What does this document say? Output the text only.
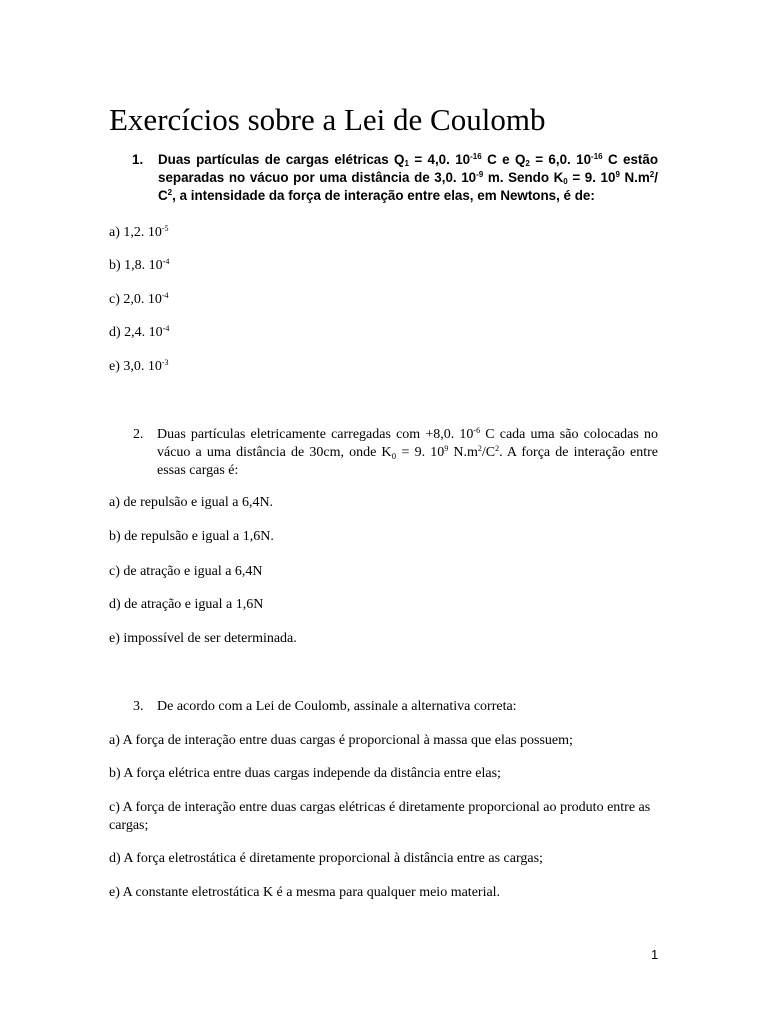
Exercícios sobre a Lei de Coulomb
1. Duas partículas de cargas elétricas $Q_1 = 4,0$. $10^{-16}$ C e $Q_2 = 6,0$. $10^{-16}$ C estão separadas no vácuo por uma distância de 3,0. $10^{-9}$ m. Sendo $K_0 = 9$. $10^9$ $N.m^2/$ $C^2$, a intensidade da força de interação entre elas, em Newtons, é de:
a) 1,2. $10^{-5}$
b) 1,8. $10^{-4}$
c) 2,0. $10^{-4}$
d) 2,4. $10^{-4}$
e) 3,0. $10^{-3}$
2. Duas partículas eletricamente carregadas com +8,0. $10^{-6}$ C cada uma são colocadas no vácuo a uma distância de 30cm, onde K₀ = 9. $10^9$ $N.m^2/C^2$. A força de interação entre essas cargas é:
a) de repulsão e igual a 6,4N.
b) de repulsão e igual a 1,6N.
c) de atração e igual a 6,4N
d) de atração e igual a 1,6N
e) impossível de ser determinada.
3. De acordo com a Lei de Coulomb, assinale a alternativa correta:
a) A força de interação entre duas cargas é proporcional à massa que elas possuem;
b) A força elétrica entre duas cargas independe da distância entre elas;
c) A força de interação entre duas cargas elétricas é diretamente proporcional ao produto entre as cargas;
d) A força eletrostática é diretamente proporcional à distância entre as cargas;
e) A constante eletrostática K é a mesma para qualquer meio material.
1
